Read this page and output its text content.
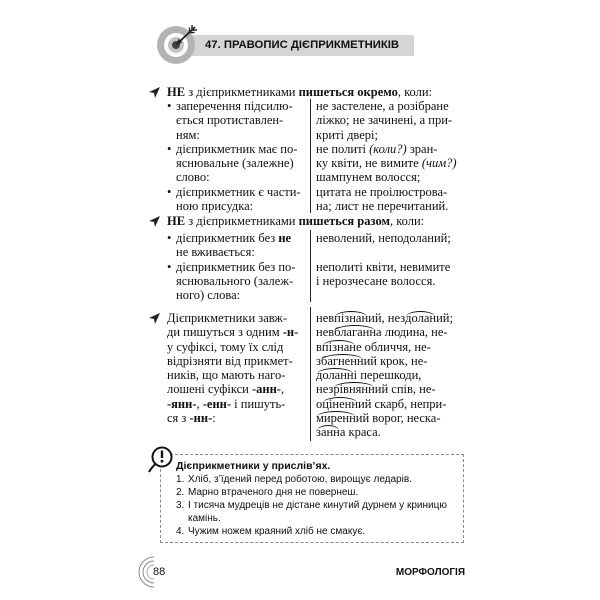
47. ПРАВОПИС ДІЄПРИКМЕТНИКІВ
НЕ з дієприкметниками пишеться окремо, коли:
• заперечення підсилю-
ється протиставлен-
ням:
• дієприкметник має по-
яснювальне (залежне)
слово:
• дієприкметник є части-
ною присудка:
не застелене, а розібране
ліжко; не зачинені, а при-
криті двері;
не политі (коли?) зран-
ку квіти, не вимите (чим?)
шампунем волосся;
цитата не проілюстрова-
на; лист не перечитаний.
НЕ з дієприкметниками пишеться разом, коли:
• дієприкметник без не
не вживається:
• дієприкметник без по-
яснювального (залеж-
ного) слова:
неволений, неподоланий;
неполиті квіти, невимите
і нерозчесане волосся.
Дієприкметники завж-
ди пишуться з одним -н-
у суфіксі, тому їх слід
відрізняти від прикмет-
ників, що мають наго-
лошені суфікси -анн-,
-янн-, -енн- і пишуть-
ся з -нн-:
невпізнаний, нездоланий;
невблаганна людина, не-
впізнане обличчя, не-
збагненний крок, не-
доланні перешкоди,
незрівнянний спів, не-
оціненний скарб, непри-
миренний ворог, неска-
занна краса.
Дієприкметники у прислів’ях.
1. Хліб, з’їдений перед роботою, вирощує ледарів.
2. Марно втраченого дня не повернеш.
3. І тисяча мудреців не дістане кинутий дурнем у криницю
камінь.
4. Чужим ножем краяний хліб не смакує.
88	МОРФОЛОГІЯ
